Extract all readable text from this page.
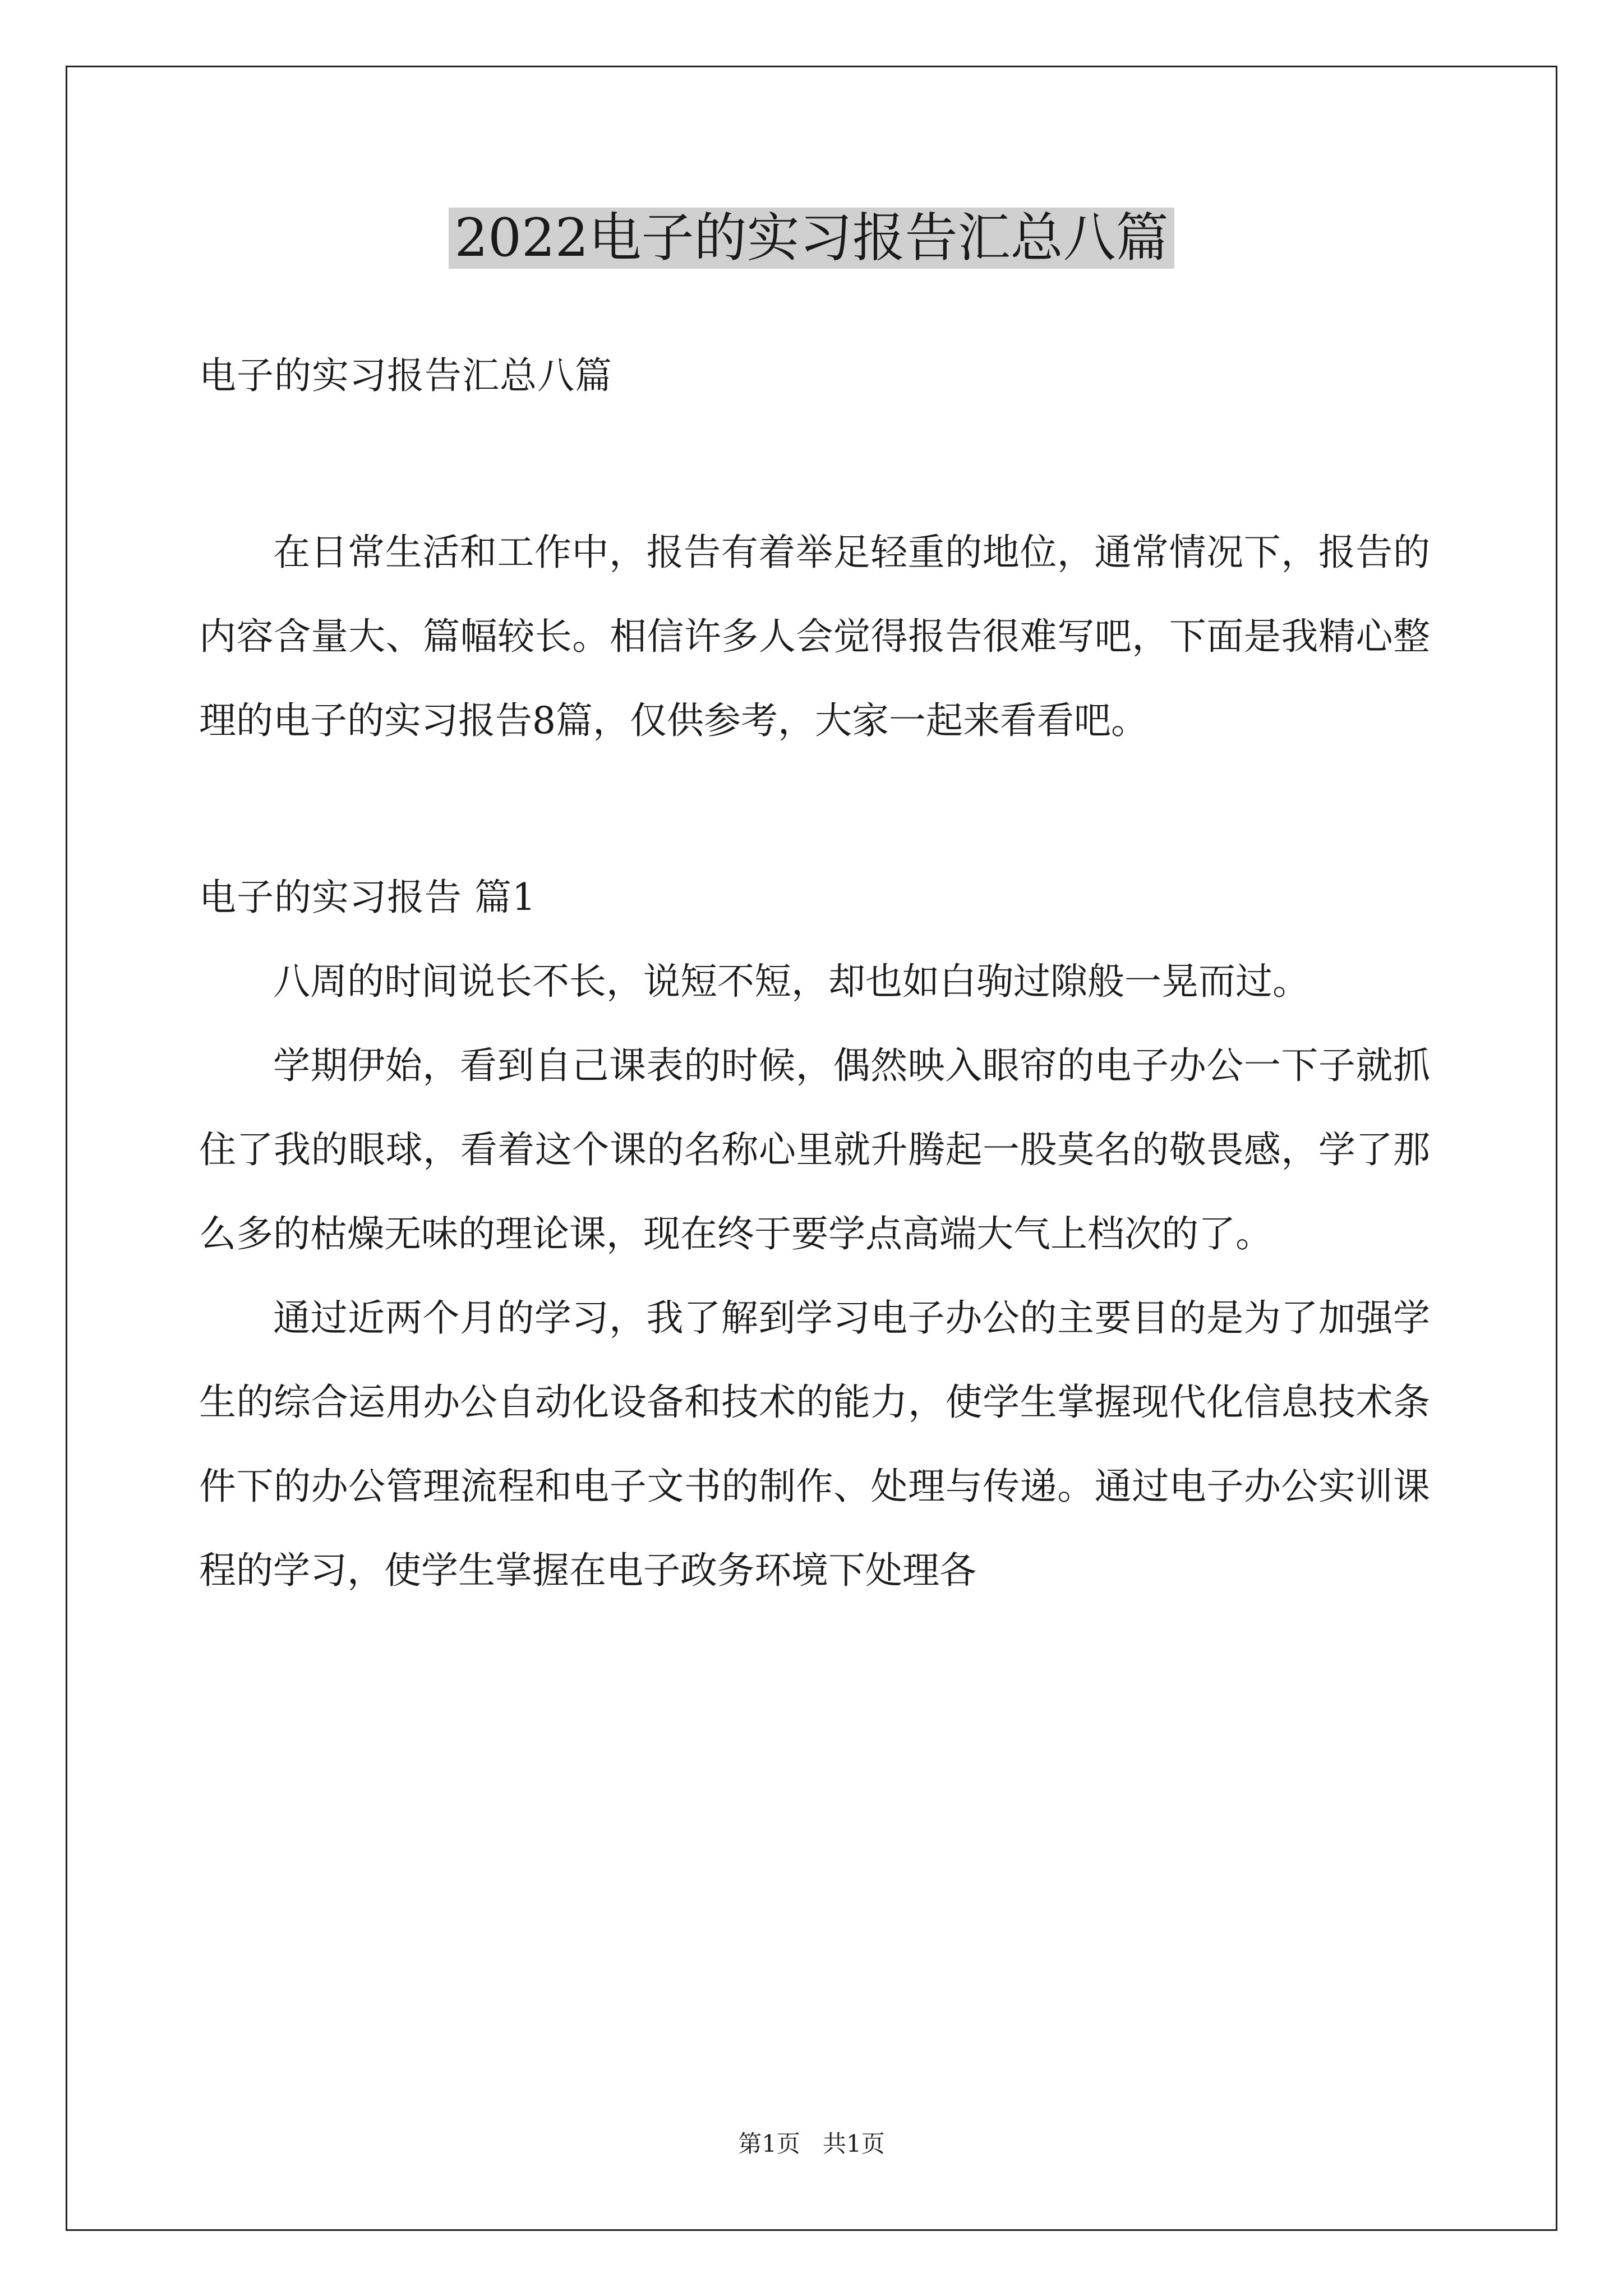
2022电子的实习报告汇总八篇

电子的实习报告汇总八篇

在日常生活和工作中，报告有着举足轻重的地位，通常情况下，报告的内容含量大、篇幅较长。相信许多人会觉得报告很难写吧，下面是我精心整理的电子的实习报告8篇，仅供参考，大家一起来看看吧。

电子的实习报告 篇1

八周的时间说长不长，说短不短，却也如白驹过隙般一晃而过。

学期伊始，看到自己课表的时候，偶然映入眼帘的电子办公一下子就抓住了我的眼球，看着这个课的名称心里就升腾起一股莫名的敬畏感，学了那么多的枯燥无味的理论课，现在终于要学点高端大气上档次的了。

通过近两个月的学习，我了解到学习电子办公的主要目的是为了加强学生的综合运用办公自动化设备和技术的能力，使学生掌握现代化信息技术条件下的办公管理流程和电子文书的制作、处理与传递。通过电子办公实训课程的学习，使学生掌握在电子政务环境下处理各

第1页 共1页
